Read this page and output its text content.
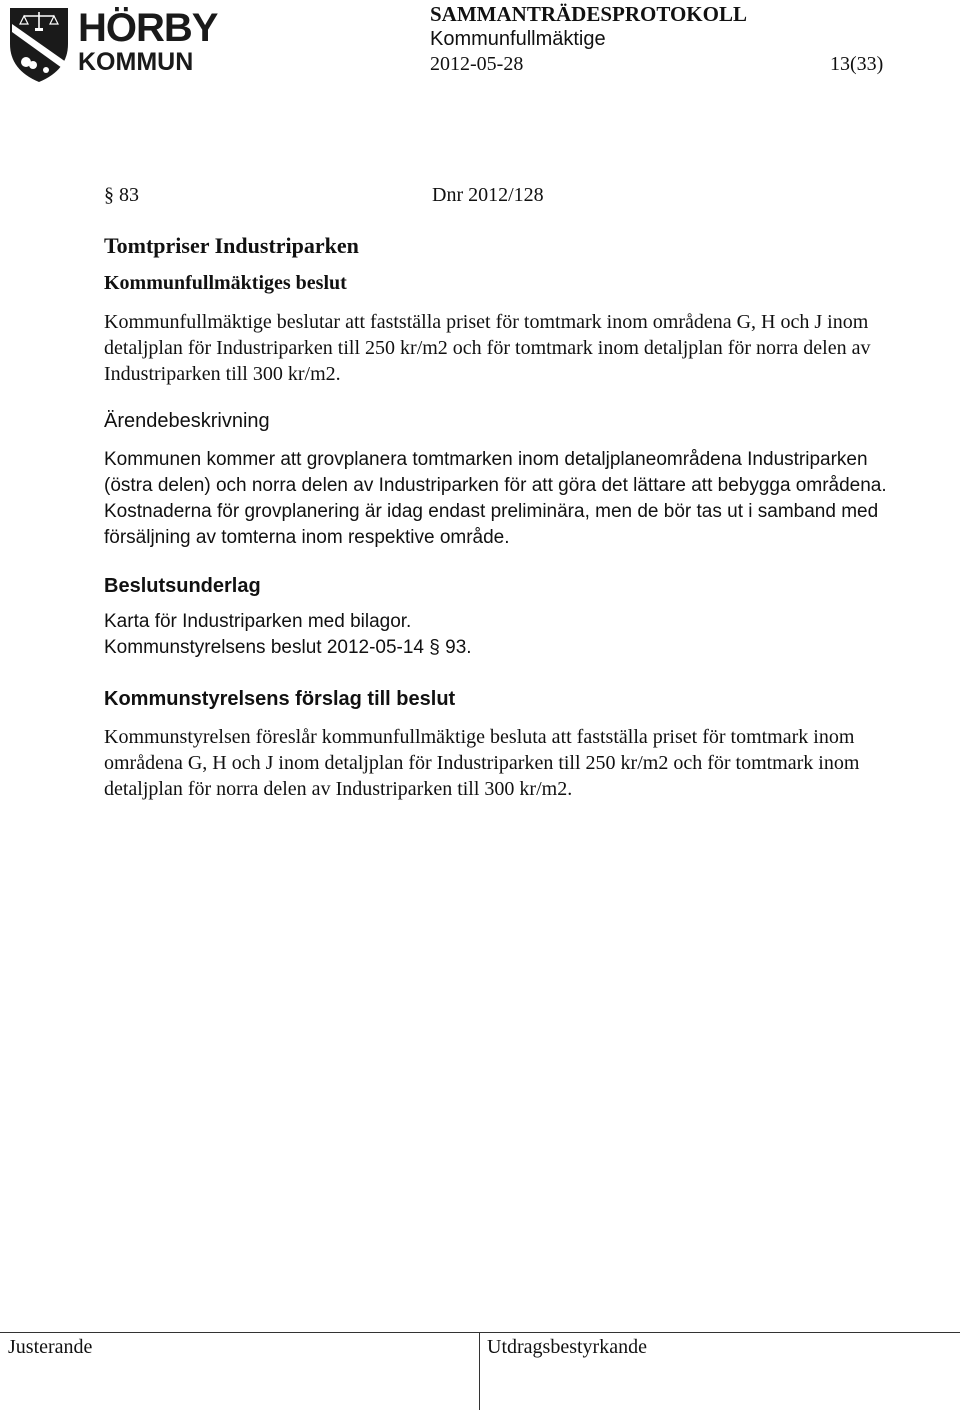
HÖRBY
KOMMUN
SAMMANTRÄDESPROTOKOLL
Kommunfullmäktige
2012-05-28	13(33)
§ 83	Dnr 2012/128
Tomtpriser Industriparken
Kommunfullmäktiges beslut
Kommunfullmäktige beslutar att fastställa priset för tomtmark inom områdena G, H och J inom detaljplan för Industriparken till 250 kr/m2 och för tomtmark inom detaljplan för norra delen av Industriparken till 300 kr/m2.
Ärendebeskrivning
Kommunen kommer att grovplanera tomtmarken inom detaljplaneområdena Industriparken (östra delen) och norra delen av Industriparken för att göra det lättare att bebygga områdena. Kostnaderna för grovplanering är idag endast preliminära, men de bör tas ut i samband med försäljning av tomterna inom respektive område.
Beslutsunderlag
Karta för Industriparken med bilagor.
Kommunstyrelsens beslut 2012-05-14 § 93.
Kommunstyrelsens förslag till beslut
Kommunstyrelsen föreslår kommunfullmäktige besluta att fastställa priset för tomtmark inom områdena G, H och J inom detaljplan för Industriparken till 250 kr/m2 och för tomtmark inom detaljplan för norra delen av Industriparken till 300 kr/m2.
Justerande	Utdragsbestyrkande
